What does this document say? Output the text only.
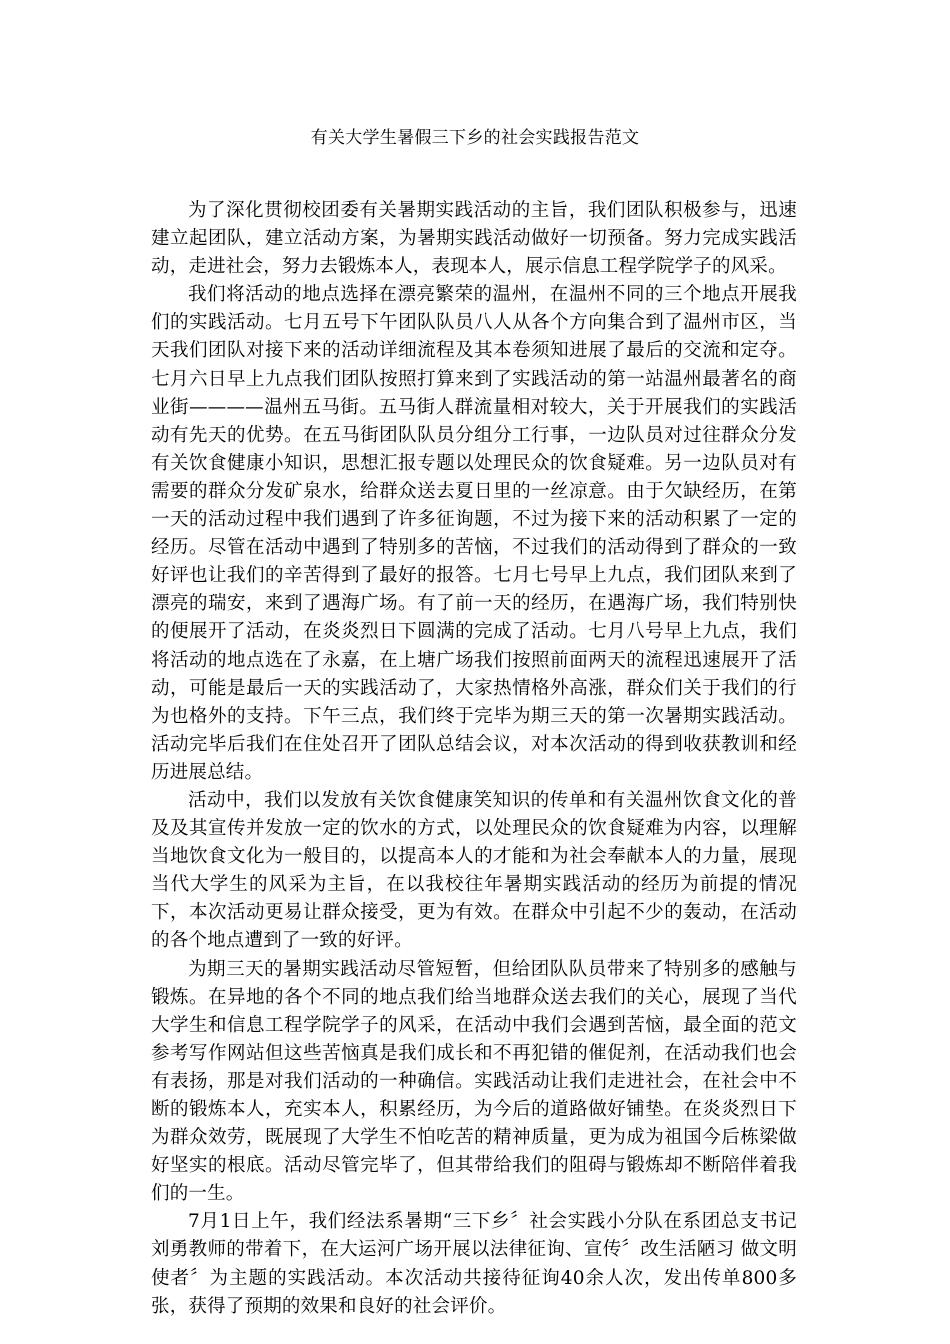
有关大学生暑假三下乡的社会实践报告范文

为了深化贯彻校团委有关暑期实践活动的主旨，我们团队积极参与，迅速建立起团队，建立活动方案，为暑期实践活动做好一切预备。努力完成实践活动，走进社会，努力去锻炼本人，表现本人，展示信息工程学院学子的风采。

我们将活动的地点选择在漂亮繁荣的温州，在温州不同的三个地点开展我们的实践活动。七月五号下午团队队员八人从各个方向集合到了温州市区，当天我们团队对接下来的活动详细流程及其本卷须知进展了最后的交流和定夺。七月六日早上九点我们团队按照打算来到了实践活动的第一站温州最著名的商业街————温州五马街。五马街人群流量相对较大，关于开展我们的实践活动有先天的优势。在五马街团队队员分组分工行事，一边队员对过往群众分发有关饮食健康小知识，思想汇报专题以处理民众的饮食疑难。另一边队员对有需要的群众分发矿泉水，给群众送去夏日里的一丝凉意。由于欠缺经历，在第一天的活动过程中我们遇到了许多征询题，不过为接下来的活动积累了一定的经历。尽管在活动中遇到了特别多的苦恼，不过我们的活动得到了群众的一致好评也让我们的辛苦得到了最好的报答。七月七号早上九点，我们团队来到了漂亮的瑞安，来到了遇海广场。有了前一天的经历，在遇海广场，我们特别快的便展开了活动，在炎炎烈日下圆满的完成了活动。七月八号早上九点，我们将活动的地点选在了永嘉，在上塘广场我们按照前面两天的流程迅速展开了活动，可能是最后一天的实践活动了，大家热情格外高涨，群众们关于我们的行为也格外的支持。下午三点，我们终于完毕为期三天的第一次暑期实践活动。活动完毕后我们在住处召开了团队总结会议，对本次活动的得到收获教训和经历进展总结。

活动中，我们以发放有关饮食健康笑知识的传单和有关温州饮食文化的普及及其宣传并发放一定的饮水的方式，以处理民众的饮食疑难为内容，以理解当地饮食文化为一般目的，以提高本人的才能和为社会奉献本人的力量，展现当代大学生的风采为主旨，在以我校往年暑期实践活动的经历为前提的情况下，本次活动更易让群众接受，更为有效。在群众中引起不少的轰动，在活动的各个地点遭到了一致的好评。

为期三天的暑期实践活动尽管短暂，但给团队队员带来了特别多的感触与锻炼。在异地的各个不同的地点我们给当地群众送去我们的关心，展现了当代大学生和信息工程学院学子的风采，在活动中我们会遇到苦恼，最全面的范文参考写作网站但这些苦恼真是我们成长和不再犯错的催促剂，在活动我们也会有表扬，那是对我们活动的一种确信。实践活动让我们走进社会，在社会中不断的锻炼本人，充实本人，积累经历，为今后的道路做好铺垫。在炎炎烈日下为群众效劳，既展现了大学生不怕吃苦的精神质量，更为成为祖国今后栋梁做好坚实的根底。活动尽管完毕了，但其带给我们的阻碍与锻炼却不断陪伴着我们的一生。

7月1日上午，我们经法系暑期“三下乡〞社会实践小分队在系团总支书记刘勇教师的带着下，在大运河广场开展以法律征询、宣传〞改生活陋习 做文明使者〞为主题的实践活动。本次活动共接待征询40余人次，发出传单800多张，获得了预期的效果和良好的社会评价。
